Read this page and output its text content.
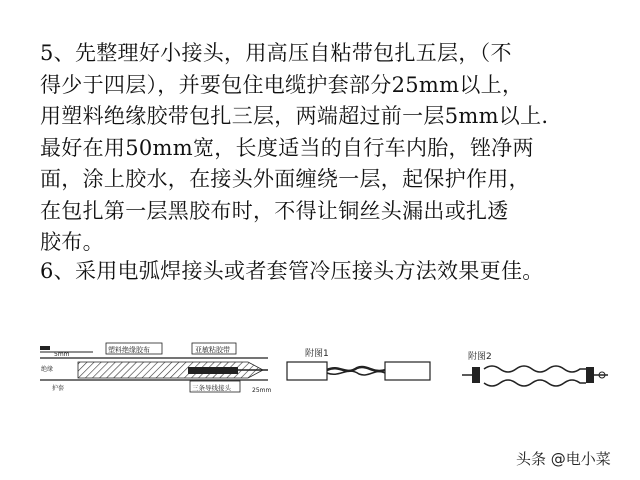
5、先整理好小接头，用高压自粘带包扎五层，（不
得少于四层），并要包住电缆护套部分25mm以上，
用塑料绝缘胶带包扎三层，两端超过前一层5mm以上.
最好在用50mm宽，长度适当的自行车内胎，锉净两
面，涂上胶水，在接头外面缠绕一层，起保护作用，
在包扎第一层黑胶布时，不得让铜丝头漏出或扎透
胶布。
6、采用电弧焊接头或者套管冷压接头方法效果更佳。
塑料绝缘胶布	亚敏粘胶带
5mm
绝缘
护套	三条导线接头	25mm
附图1	附图2
头条 @电小菜
